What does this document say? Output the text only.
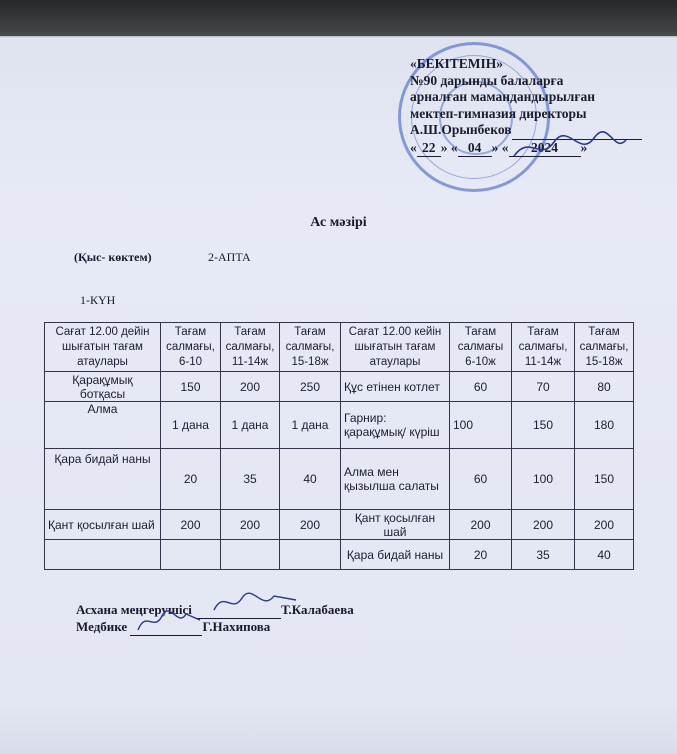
«БЕКІТЕМІН»
№90 дарынды балаларға
арналған мамандандырылған
мектеп-гимназия директоры
А.Ш.Орынбеков
« 22 » « 04 » « 2024 »
Ас мәзірі
(Қыс- көктем)	2-АПТА
1-КҮН
Сағат 12.00 дейін шығатын тағам атаулары	Тағам салмағы, 6-10	Тағам салмағы, 11-14ж	Тағам салмағы, 15-18ж	Сағат 12.00 кейін шығатын тағам атаулары	Тағам салмағы 6-10ж	Тағам салмағы, 11-14ж	Тағам салмағы, 15-18ж
Қарақұмық ботқасы	150	200	250	Құс етінен котлет	60	70	80
Алма	1 дана	1 дана	1 дана	Гарнир: қарақұмық/ күріш	100	150	180
Қара бидай наны	20	35	40	Алма мен қызылша салаты	60	100	150
Қант қосылған шай	200	200	200	Қант қосылған шай	200	200	200
				Қара бидай наны	20	35	40
Асхана меңгерушісі	Т.Калабаева
Медбике	Г.Нахипова
